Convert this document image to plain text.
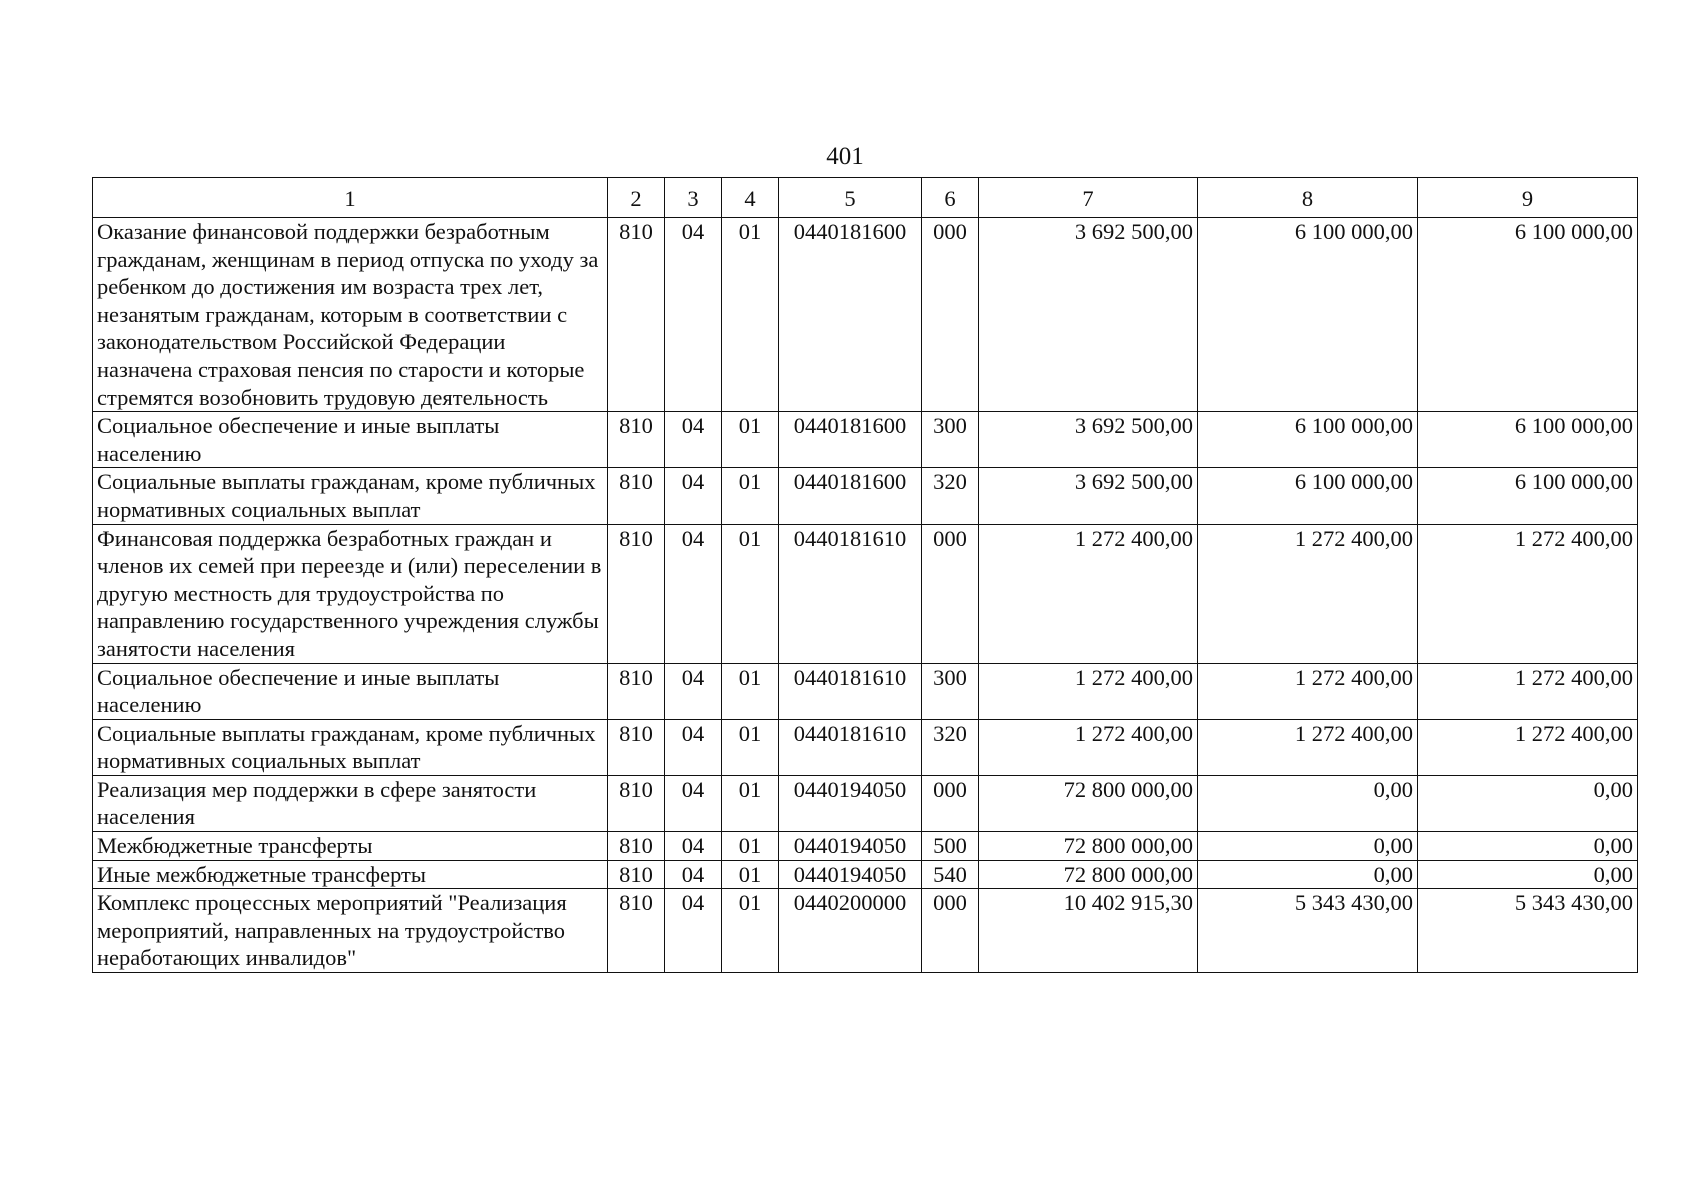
401
1	2	3	4	5	6	7	8	9
Оказание финансовой поддержки безработным гражданам, женщинам в период отпуска по уходу за ребенком до достижения им возраста трех лет, незанятым гражданам, которым в соответствии с законодательством Российской Федерации назначена страховая пенсия по старости и которые стремятся возобновить трудовую деятельность	810	04	01	0440181600	000	3 692 500,00	6 100 000,00	6 100 000,00
Социальное обеспечение и иные выплаты населению	810	04	01	0440181600	300	3 692 500,00	6 100 000,00	6 100 000,00
Социальные выплаты гражданам, кроме публичных нормативных социальных выплат	810	04	01	0440181600	320	3 692 500,00	6 100 000,00	6 100 000,00
Финансовая поддержка безработных граждан и членов их семей при переезде и (или) переселении в другую местность для трудоустройства по направлению государственного учреждения службы занятости населения	810	04	01	0440181610	000	1 272 400,00	1 272 400,00	1 272 400,00
Социальное обеспечение и иные выплаты населению	810	04	01	0440181610	300	1 272 400,00	1 272 400,00	1 272 400,00
Социальные выплаты гражданам, кроме публичных нормативных социальных выплат	810	04	01	0440181610	320	1 272 400,00	1 272 400,00	1 272 400,00
Реализация мер поддержки в сфере занятости населения	810	04	01	0440194050	000	72 800 000,00	0,00	0,00
Межбюджетные трансферты	810	04	01	0440194050	500	72 800 000,00	0,00	0,00
Иные межбюджетные трансферты	810	04	01	0440194050	540	72 800 000,00	0,00	0,00
Комплекс процессных мероприятий "Реализация мероприятий, направленных на трудоустройство неработающих инвалидов"	810	04	01	0440200000	000	10 402 915,30	5 343 430,00	5 343 430,00
